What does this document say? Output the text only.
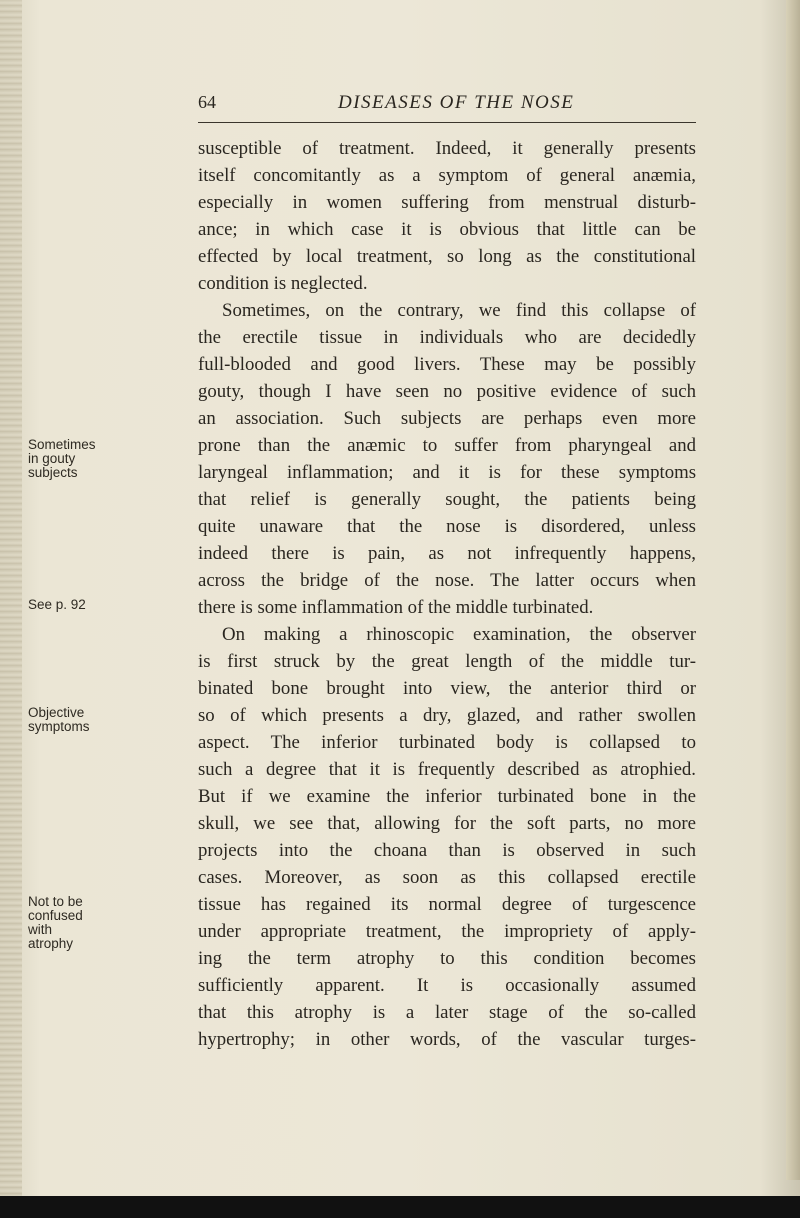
64	DISEASES OF THE NOSE
Sometimes
in gouty
subjects
See p. 92
Objective
symptoms
Not to be
confused
with
atrophy
susceptible of treatment. Indeed, it generally presents
itself concomitantly as a symptom of general anæmia,
especially in women suffering from menstrual disturb-
ance; in which case it is obvious that little can be
effected by local treatment, so long as the constitutional
condition is neglected.
Sometimes, on the contrary, we find this collapse of
the erectile tissue in individuals who are decidedly
full-blooded and good livers. These may be possibly
gouty, though I have seen no positive evidence of such
an association. Such subjects are perhaps even more
prone than the anæmic to suffer from pharyngeal and
laryngeal inflammation; and it is for these symptoms
that relief is generally sought, the patients being
quite unaware that the nose is disordered, unless
indeed there is pain, as not infrequently happens,
across the bridge of the nose. The latter occurs when
there is some inflammation of the middle turbinated.
On making a rhinoscopic examination, the observer
is first struck by the great length of the middle tur-
binated bone brought into view, the anterior third or
so of which presents a dry, glazed, and rather swollen
aspect. The inferior turbinated body is collapsed to
such a degree that it is frequently described as atrophied.
But if we examine the inferior turbinated bone in the
skull, we see that, allowing for the soft parts, no more
projects into the choana than is observed in such
cases. Moreover, as soon as this collapsed erectile
tissue has regained its normal degree of turgescence
under appropriate treatment, the impropriety of apply-
ing the term atrophy to this condition becomes
sufficiently apparent. It is occasionally assumed
that this atrophy is a later stage of the so-called
hypertrophy; in other words, of the vascular turges-
